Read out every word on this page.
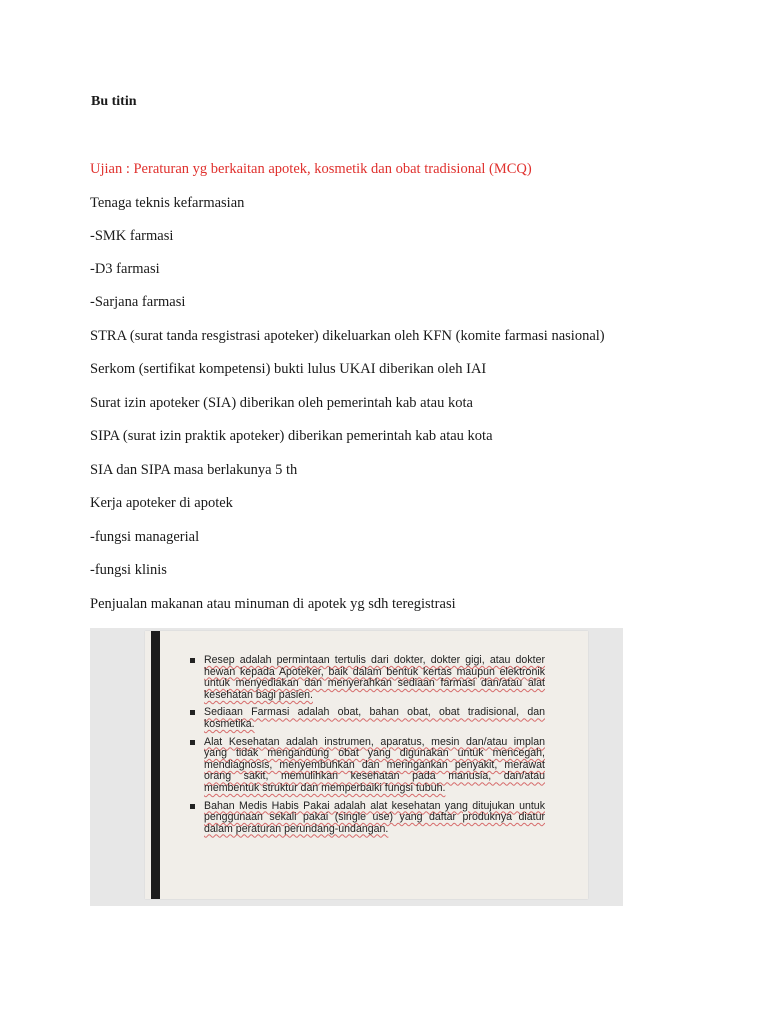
Bu titin
Ujian : Peraturan yg berkaitan apotek, kosmetik dan obat tradisional (MCQ)
Tenaga teknis kefarmasian
-SMK farmasi
-D3 farmasi
-Sarjana farmasi
STRA (surat tanda resgistrasi apoteker) dikeluarkan oleh KFN (komite farmasi nasional)
Serkom (sertifikat kompetensi) bukti lulus UKAI diberikan oleh IAI
Surat izin apoteker (SIA) diberikan oleh pemerintah kab atau kota
SIPA (surat izin praktik apoteker) diberikan pemerintah kab atau kota
SIA dan SIPA masa berlakunya 5 th
Kerja apoteker di apotek
-fungsi managerial
-fungsi klinis
Penjualan makanan atau minuman di apotek yg sdh teregistrasi
Resep adalah permintaan tertulis dari dokter, dokter gigi, atau dokter hewan kepada Apoteker, baik dalam bentuk kertas maupun elektronik untuk menyediakan dan menyerahkan sediaan farmasi dan/atau alat kesehatan bagi pasien.
Sediaan Farmasi adalah obat, bahan obat, obat tradisional, dan kosmetika.
Alat Kesehatan adalah instrumen, aparatus, mesin dan/atau implan yang tidak mengandung obat yang digunakan untuk mencegah, mendiagnosis, menyembuhkan dan meringankan penyakit, merawat orang sakit, memulihkan kesehatan pada manusia, dan/atau membentuk struktur dan memperbaiki fungsi tubuh.
Bahan Medis Habis Pakai adalah alat kesehatan yang ditujukan untuk penggunaan sekali pakai (single use) yang daftar produknya diatur dalam peraturan perundang-undangan.
